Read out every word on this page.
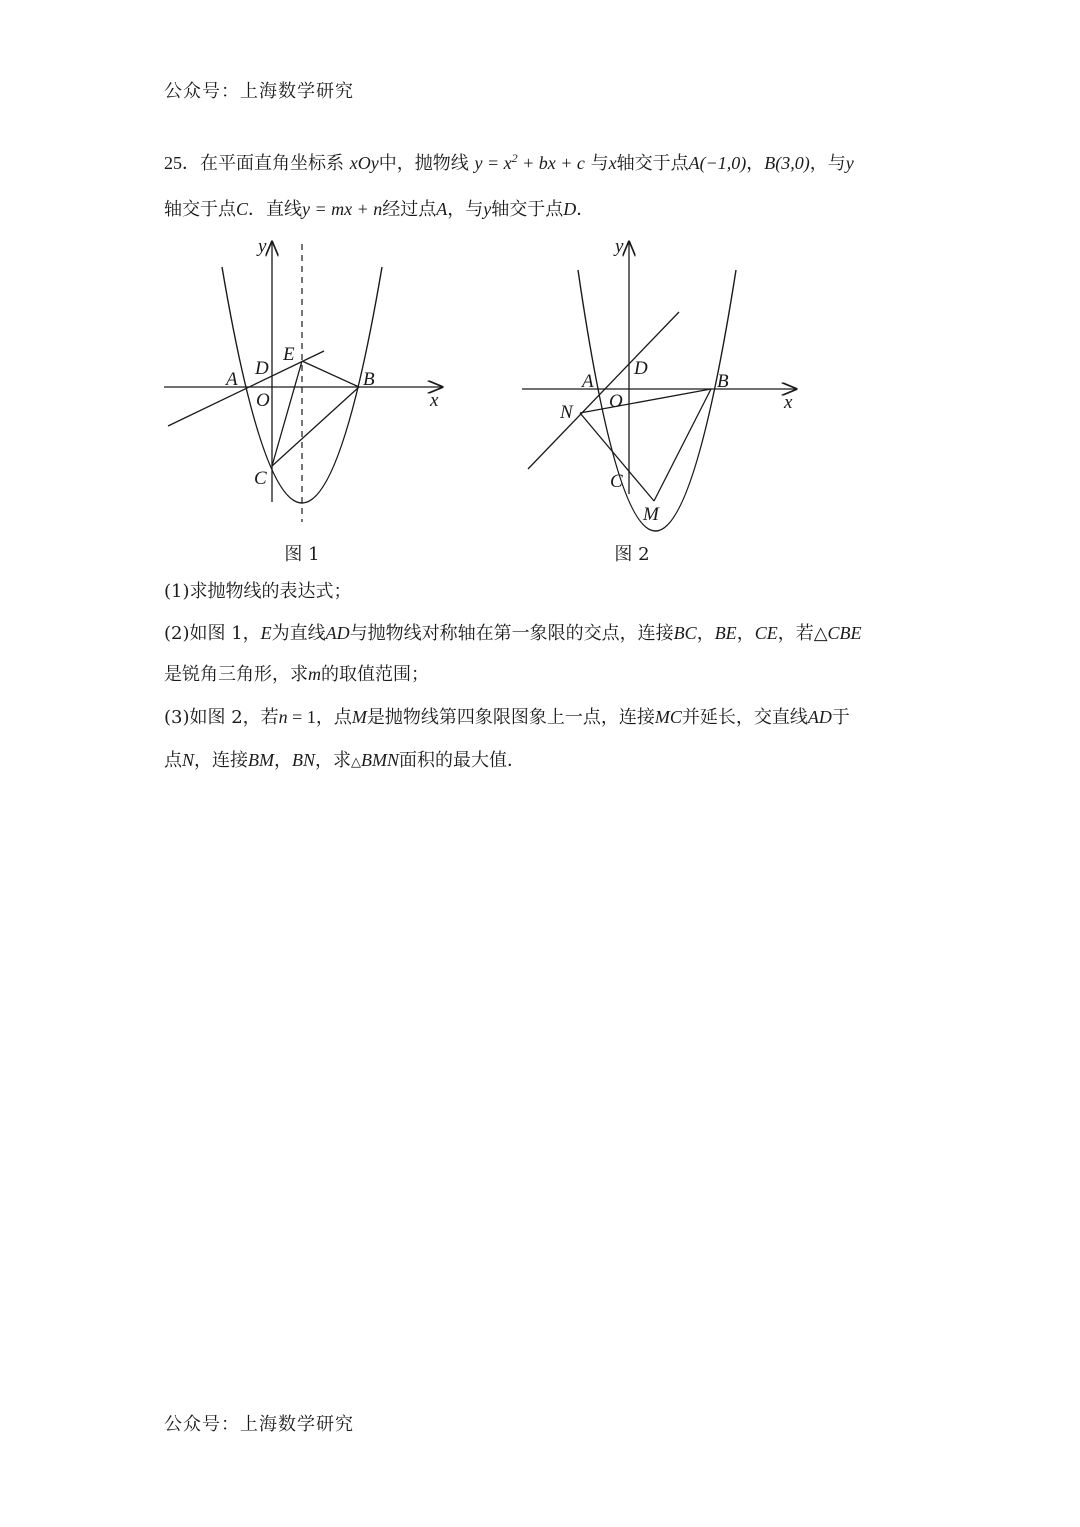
公众号：上海数学研究
25．在平面直角坐标系 xOy中，抛物线 $y = x^2$ + bx + c 与x轴交于点A(−1,0)，B(3,0)，与y
轴交于点C．直线y = mx + n经过点A，与y轴交于点D．
y
x
A
D
E
O
B
C
图 1
y
x
A
D
O
B
N
C
M
图 2
(1)求抛物线的表达式；
(2)如图 1，E为直线AD与抛物线对称轴在第一象限的交点，连接BC，BE，CE，若△CBE
是锐角三角形，求m的取值范围；
(3)如图 2，若n = 1，点M是抛物线第四象限图象上一点，连接MC并延长，交直线AD于
点N，连接BM，BN，求△BMN面积的最大值．
公众号：上海数学研究
